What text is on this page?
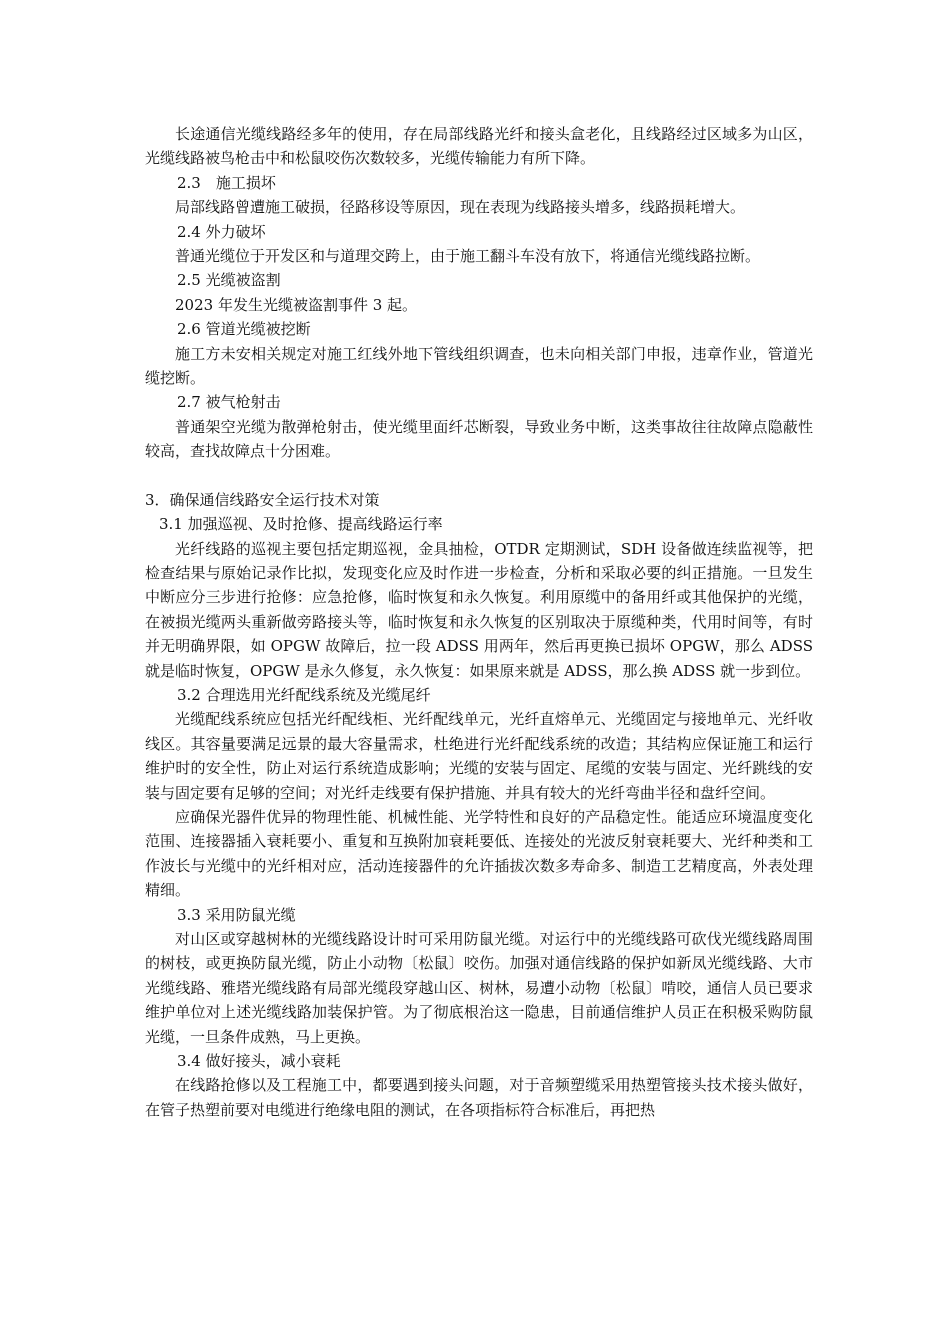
长途通信光缆线路经多年的使用，存在局部线路光纤和接头盒老化，且线路经过区域多为山区，光缆线路被鸟枪击中和松鼠咬伤次数较多，光缆传输能力有所下降。

2.3　施工损坏

局部线路曾遭施工破损，径路移设等原因，现在表现为线路接头增多，线路损耗增大。

2.4 外力破坏

普通光缆位于开发区和与道理交跨上，由于施工翻斗车没有放下，将通信光缆线路拉断。

2.5 光缆被盗割

2023 年发生光缆被盗割事件 3 起。

2.6 管道光缆被挖断

施工方未安相关规定对施工红线外地下管线组织调查，也未向相关部门申报，违章作业，管道光缆挖断。

2.7 被气枪射击

普通架空光缆为散弹枪射击，使光缆里面纤芯断裂，导致业务中断，这类事故往往故障点隐蔽性较高，查找故障点十分困难。

3．确保通信线路安全运行技术对策

3.1 加强巡视、及时抢修、提高线路运行率

光纤线路的巡视主要包括定期巡视，金具抽检，OTDR 定期测试，SDH 设备做连续监视等，把检查结果与原始记录作比拟，发现变化应及时作进一步检查，分析和采取必要的纠正措施。一旦发生中断应分三步进行抢修：应急抢修，临时恢复和永久恢复。利用原缆中的备用纤或其他保护的光缆，在被损光缆两头重新做旁路接头等，临时恢复和永久恢复的区别取决于原缆种类，代用时间等，有时并无明确界限，如 OPGW 故障后，拉一段 ADSS 用两年，然后再更换已损坏 OPGW，那么 ADSS 就是临时恢复，OPGW 是永久修复，永久恢复：如果原来就是 ADSS，那么换 ADSS 就一步到位。

3.2 合理选用光纤配线系统及光缆尾纤

光缆配线系统应包括光纤配线柜、光纤配线单元，光纤直熔单元、光缆固定与接地单元、光纤收线区。其容量要满足远景的最大容量需求，杜绝进行光纤配线系统的改造；其结构应保证施工和运行维护时的安全性，防止对运行系统造成影响；光缆的安装与固定、尾缆的安装与固定、光纤跳线的安装与固定要有足够的空间；对光纤走线要有保护措施、并具有较大的光纤弯曲半径和盘纤空间。

应确保光器件优异的物理性能、机械性能、光学特性和良好的产品稳定性。能适应环境温度变化范围、连接器插入衰耗要小、重复和互换附加衰耗要低、连接处的光波反射衰耗要大、光纤种类和工作波长与光缆中的光纤相对应，活动连接器件的允许插拔次数多寿命多、制造工艺精度高，外表处理精细。

3.3 采用防鼠光缆

对山区或穿越树林的光缆线路设计时可采用防鼠光缆。对运行中的光缆线路可砍伐光缆线路周围的树枝，或更换防鼠光缆，防止小动物〔松鼠〕咬伤。加强对通信线路的保护如新凤光缆线路、大市光缆线路、雅塔光缆线路有局部光缆段穿越山区、树林，易遭小动物〔松鼠〕啃咬，通信人员已要求维护单位对上述光缆线路加装保护管。为了彻底根治这一隐患，目前通信维护人员正在积极采购防鼠光缆，一旦条件成熟，马上更换。

3.4 做好接头，减小衰耗

在线路抢修以及工程施工中，都要遇到接头问题，对于音频塑缆采用热塑管接头技术接头做好，在管子热塑前要对电缆进行绝缘电阻的测试，在各项指标符合标准后，再把热
